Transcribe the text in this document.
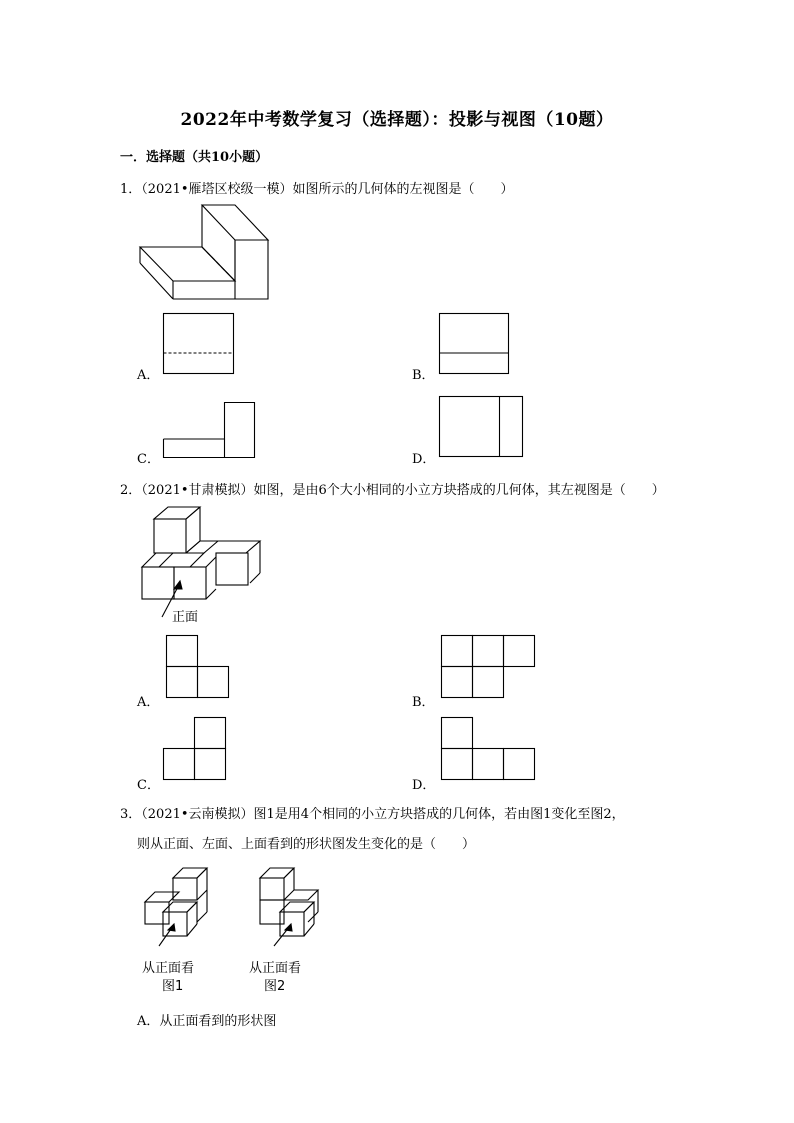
2022年中考数学复习（选择题）：投影与视图（10题）
一．选择题（共10小题）
1．（2021•雁塔区校级一模）如图所示的几何体的左视图是（　　）
A．	B．
C．	D．
2．（2021•甘肃模拟）如图，是由6个大小相同的小立方块搭成的几何体，其左视图是（　　）
正面
A．	B．
C．	D．
3．（2021•云南模拟）图1是用4个相同的小立方块搭成的几何体，若由图1变化至图2，
则从正面、左面、上面看到的形状图发生变化的是（　　）
从正面看
图1
从正面看
图2
A．从正面看到的形状图
